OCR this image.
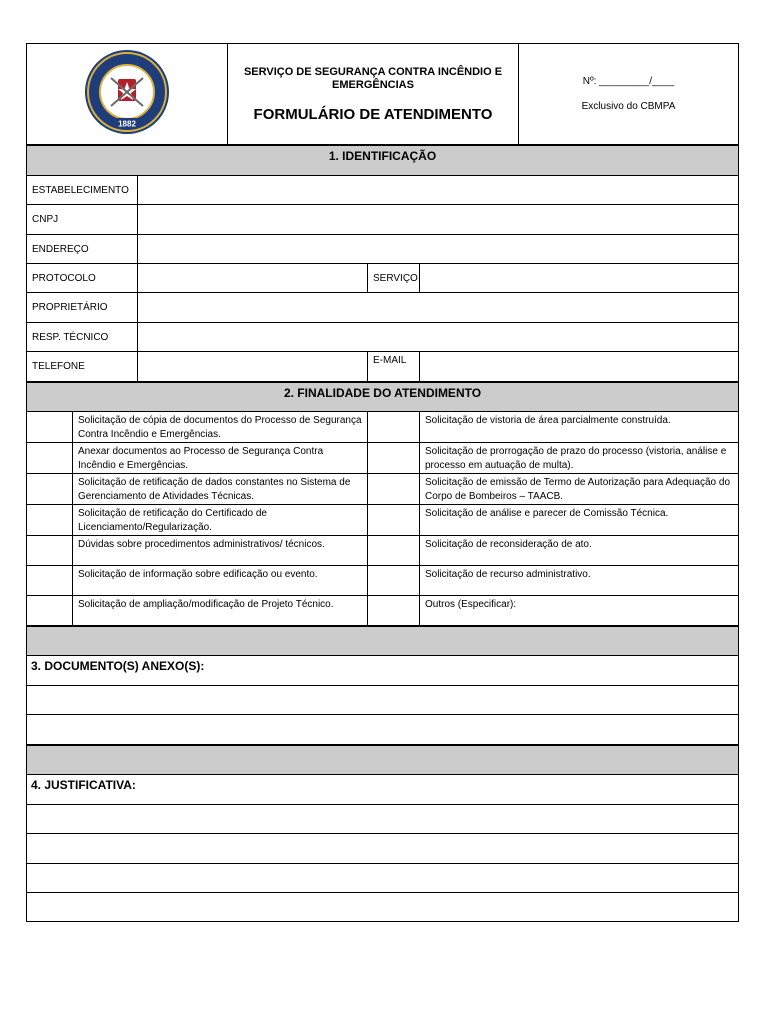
1882

SERVIÇO DE SEGURANÇA CONTRA INCÊNDIO E EMERGÊNCIAS
FORMULÁRIO DE ATENDIMENTO

Nº: _________/____
Exclusivo do CBMPA
1. IDENTIFICAÇÃO			
ESTABELECIMENTO			
CNPJ			
ENDEREÇO			
PROTOCOLO		SERVIÇO	
PROPRIETÁRIO			
RESP. TÉCNICO			
TELEFONE		E-MAIL	
2. FINALIDADE DO ATENDIMENTO			
	Solicitação de cópia de documentos do Processo de Segurança Contra Incêndio e Emergências.		Solicitação de vistoria de área parcialmente construída.
	Anexar documentos ao Processo de Segurança Contra Incêndio e Emergências.		Solicitação de prorrogação de prazo do processo (vistoria, análise e processo em autuação de multa).
	Solicitação de retificação de dados constantes no Sistema de Gerenciamento de Atividades Técnicas.		Solicitação de emissão de Termo de Autorização para Adequação do Corpo de Bombeiros – TAACB.
	Solicitação de retificação do Certificado de Licenciamento/Regularização.		Solicitação de análise e parecer de Comissão Técnica.
	Dúvidas sobre procedimentos administrativos/ técnicos.		Solicitação de reconsideração de ato.
	Solicitação de informação sobre edificação ou evento.		Solicitação de recurso administrativo.
	Solicitação de ampliação/modificação de Projeto Técnico.		Outros (Especificar):

3. DOCUMENTO(S) ANEXO(S):

4. JUSTIFICATIVA:
